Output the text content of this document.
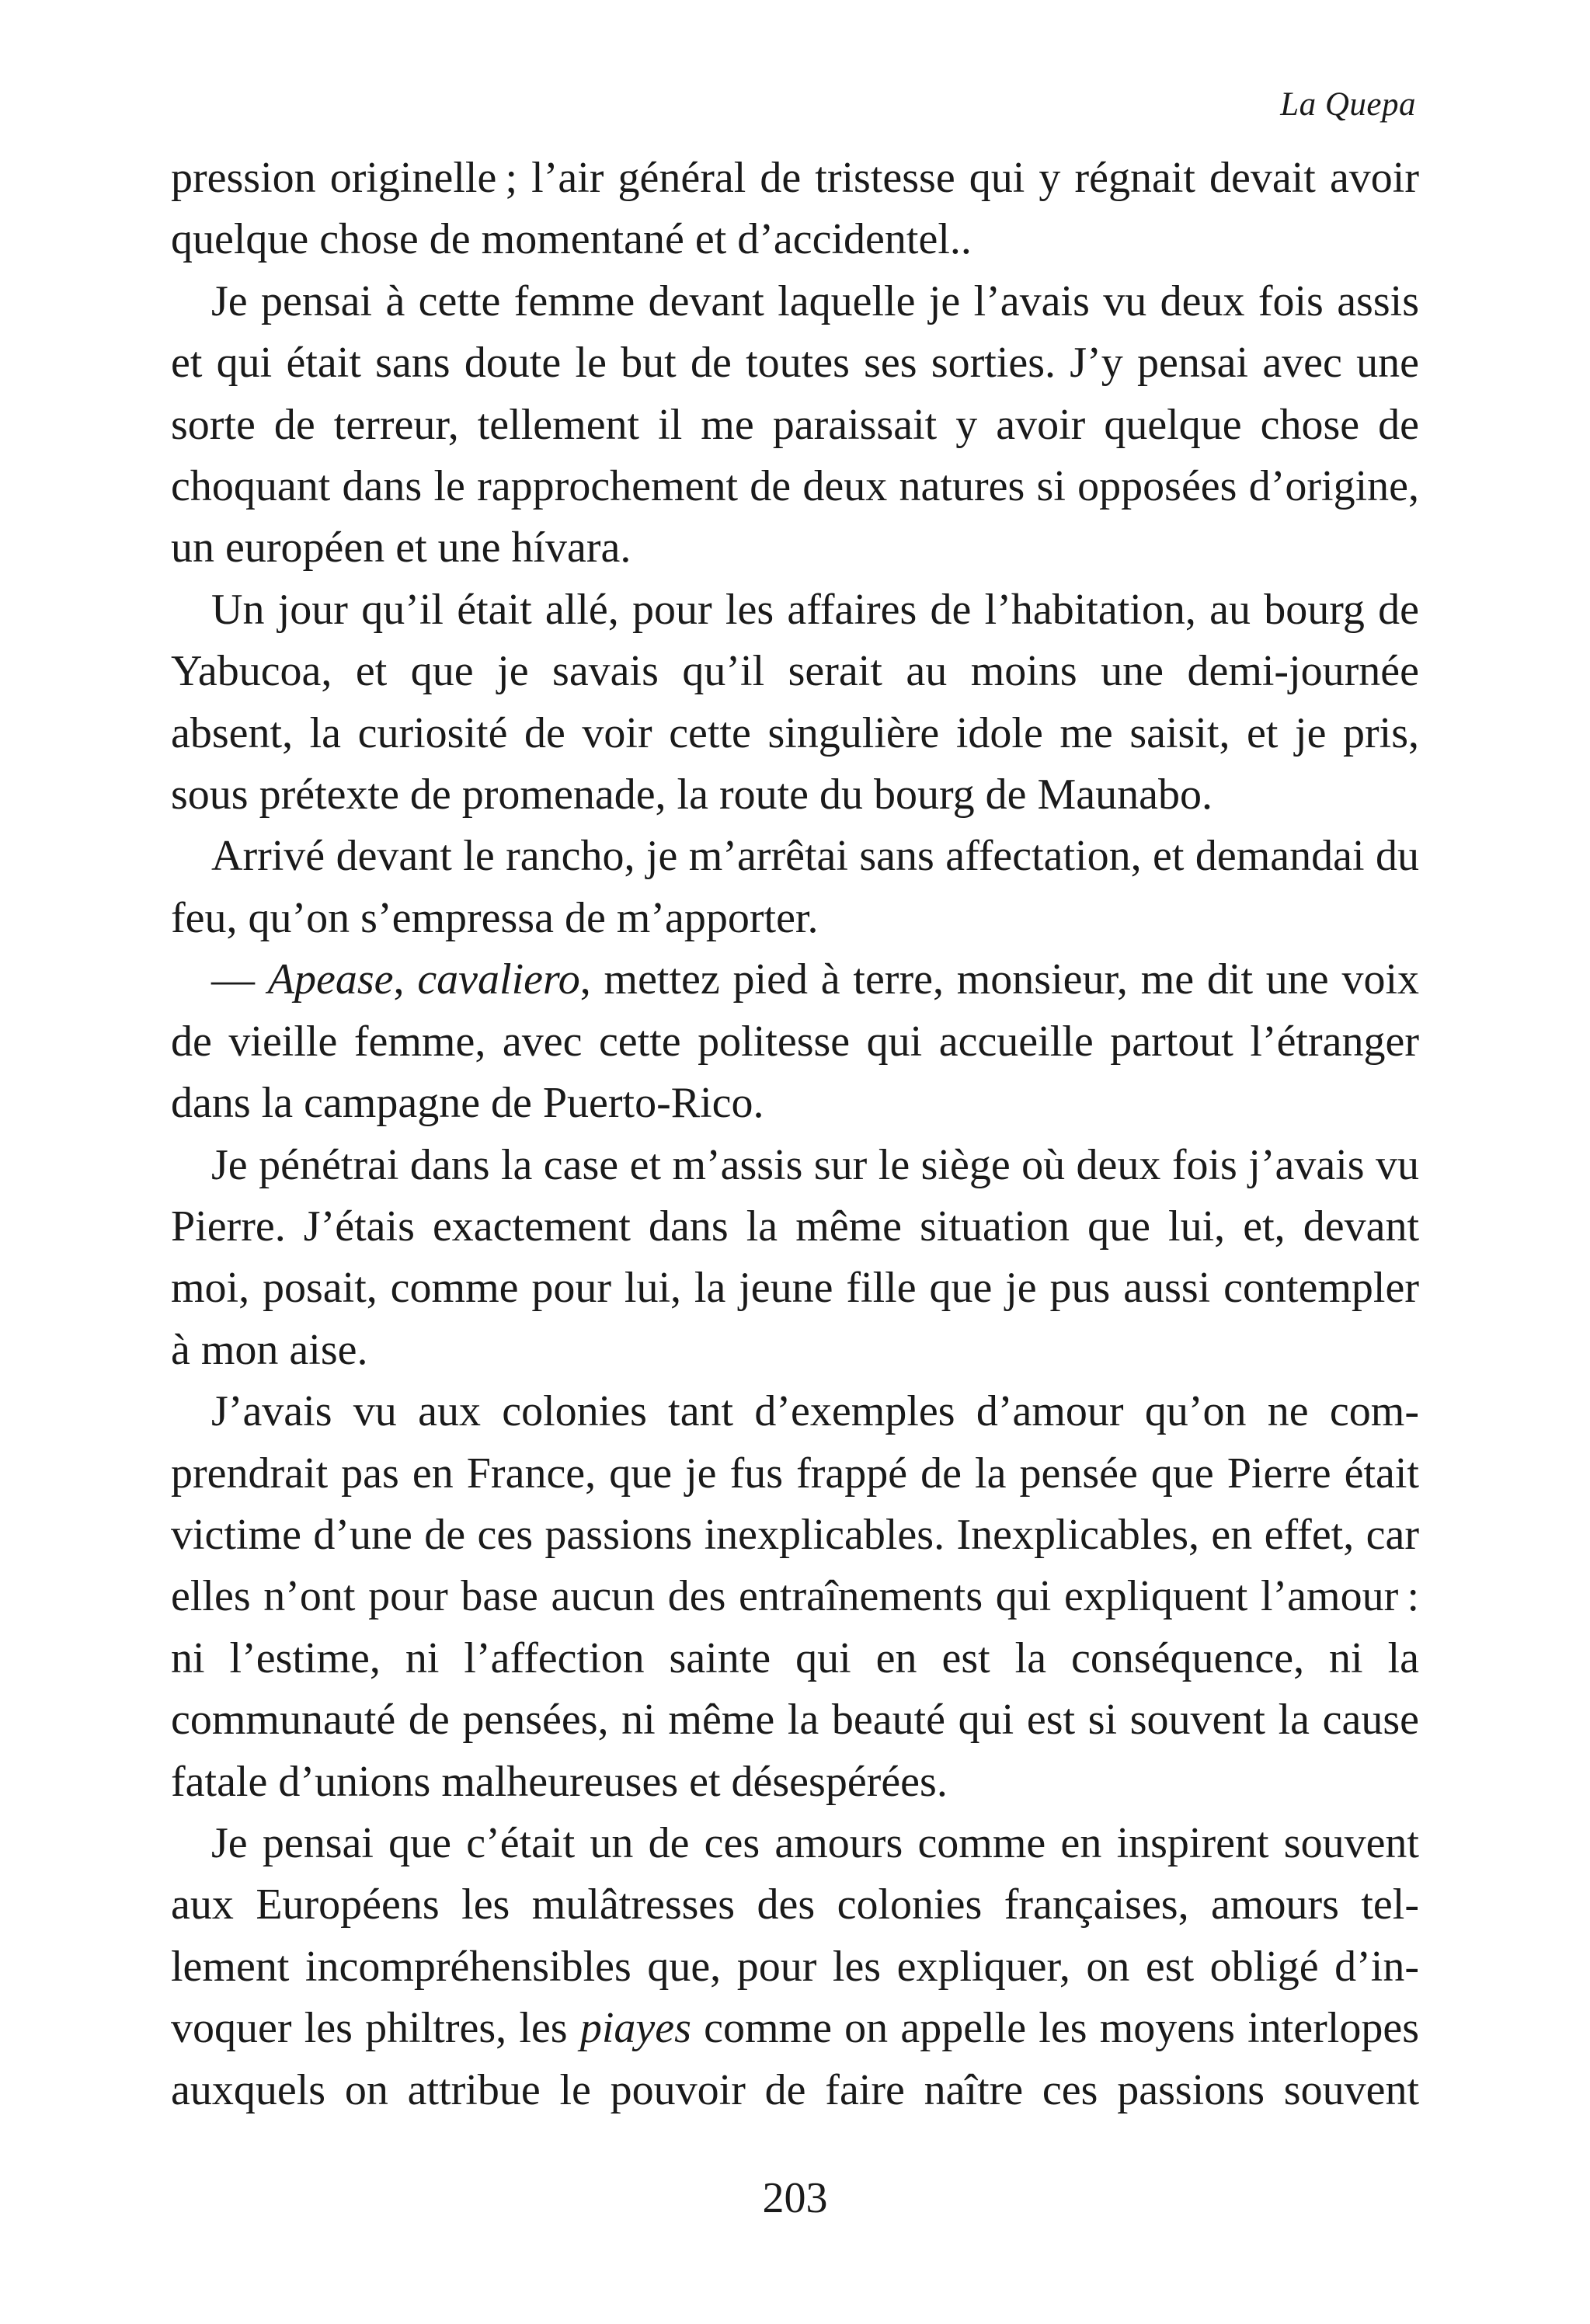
La Quepa

pression originelle ; l’air général de tristesse qui y régnait devait avoir quelque chose de momentané et d’accidentel..

Je pensai à cette femme devant laquelle je l’avais vu deux fois assis et qui était sans doute le but de toutes ses sorties. J’y pensai avec une sorte de terreur, tellement il me paraissait y avoir quelque chose de choquant dans le rapprochement de deux natures si opposées d’origine, un européen et une hívara.

Un jour qu’il était allé, pour les affaires de l’habitation, au bourg de Yabucoa, et que je savais qu’il serait au moins une demi-journée absent, la curiosité de voir cette singulière idole me saisit, et je pris, sous prétexte de promenade, la route du bourg de Maunabo.

Arrivé devant le rancho, je m’arrêtai sans affectation, et demandai du feu, qu’on s’empressa de m’apporter.

— Apease, cavaliero, mettez pied à terre, monsieur, me dit une voix de vieille femme, avec cette politesse qui accueille partout l’étranger dans la campagne de Puerto-Rico.

Je pénétrai dans la case et m’assis sur le siège où deux fois j’avais vu Pierre. J’étais exactement dans la même situation que lui, et, devant moi, posait, comme pour lui, la jeune fille que je pus aussi contempler à mon aise.

J’avais vu aux colonies tant d’exemples d’amour qu’on ne comprendrait pas en France, que je fus frappé de la pensée que Pierre était victime d’une de ces passions inexplicables. Inexplicables, en effet, car elles n’ont pour base aucun des entraînements qui expliquent l’amour : ni l’estime, ni l’affection sainte qui en est la conséquence, ni la communauté de pensées, ni même la beauté qui est si souvent la cause fatale d’unions malheureuses et désespérées.

Je pensai que c’était un de ces amours comme en inspirent souvent aux Européens les mulâtresses des colonies françaises, amours tellement incompréhensibles que, pour les expliquer, on est obligé d’invoquer les philtres, les piayes comme on appelle les moyens interlopes auxquels on attribue le pouvoir de faire naître ces passions souvent

203
